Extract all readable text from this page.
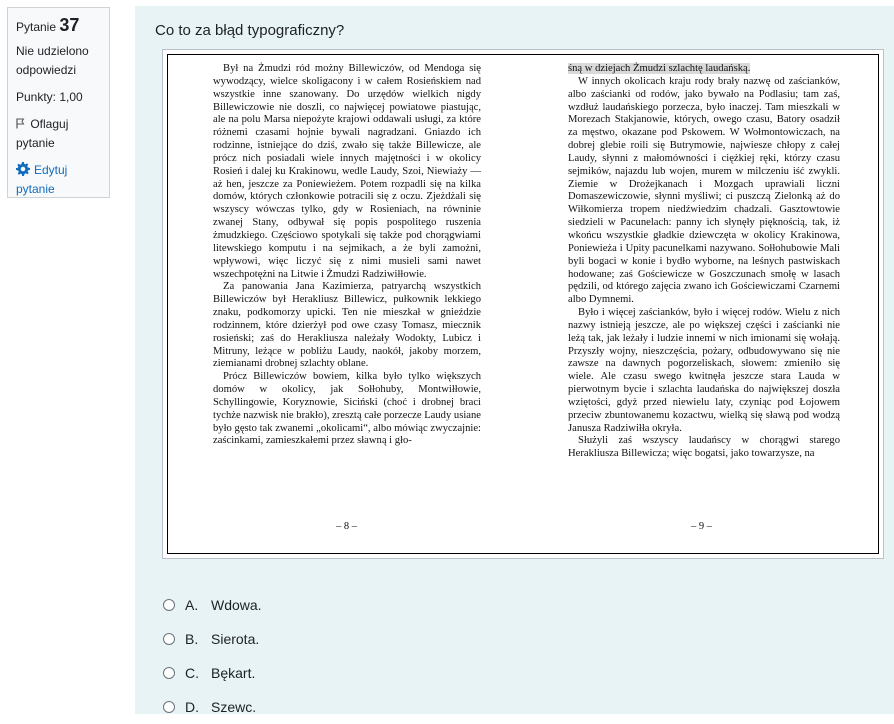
Pytanie 37
Nie udzielono
odpowiedzi
Punkty: 1,00
Oflaguj
pytanie
Edytuj
pytanie
Co to za błąd typograficzny?

Był na Żmudzi ród możny Billewiczów, od Mendoga się wywodzący, wielce skoligacony i w całem Rosieńskiem nad wszystkie inne szanowany. Do urzędów wielkich nigdy Billewiczowie nie doszli, co najwięcej powiatowe piastując, ale na polu Marsa niepożyte krajowi oddawali usługi, za które różnemi czasami hojnie bywali nagradzani. Gniazdo ich rodzinne, istniejące do dziś, zwało się także Billewicze, ale prócz nich posiadali wiele innych majętności i w okolicy Rosień i dalej ku Krakinowu, wedle Laudy, Szoi, Niewiaży — aż hen, jeszcze za Poniewieżem. Potem rozpadli się na kilka domów, których członkowie potracili się z oczu. Zjeżdżali się wszyscy wówczas tylko, gdy w Rosieniach, na równinie zwanej Stany, odbywał się popis pospolitego ruszenia żmudzkiego. Częściowo spotykali się także pod chorągwiami litewskiego komputu i na sejmikach, a że byli zamożni, wpływowi, więc liczyć się z nimi musieli sami nawet wszechpotężni na Litwie i Żmudzi Radziwiłłowie.

Za panowania Jana Kazimierza, patryarchą wszystkich Billewiczów był Herakliusz Billewicz, pułkownik lekkiego znaku, podkomorzy upicki. Ten nie mieszkał w gnieździe rodzinnem, które dzierżył pod owe czasy Tomasz, miecznik rosieński; zaś do Herakliusza należały Wodokty, Lubicz i Mitruny, leżące w pobliżu Laudy, naokół, jakoby morzem, ziemianami drobnej szlachty oblane.

Prócz Billewiczów bowiem, kilka było tylko większych domów w okolicy, jak Sołłohuby, Montwiłłowie, Schyllingowie, Koryznowie, Siciński (choć i drobnej braci tychże nazwisk nie brakło), zresztą całe porzecze Laudy usiane było gęsto tak zwanemi „okolicami“, albo mówiąc zwyczajnie: zaścinkami, zamieszkałemi przez sławną i gło-

śną w dziejach Żmudzi szlachtę laudańską.

W innych okolicach kraju rody brały nazwę od zaścianków, albo zaścianki od rodów, jako bywało na Podlasiu; tam zaś, wzdłuż laudańskiego porzecza, było inaczej. Tam mieszkali w Morezach Stakjanowie, których, owego czasu, Batory osadził za męstwo, okazane pod Pskowem. W Wołmontowiczach, na dobrej glebie roili się Butrymowie, najwiesze chłopy z całej Laudy, słynni z małomówności i ciężkiej ręki, którzy czasu sejmików, najazdu lub wojen, murem w milczeniu iść zwykli. Ziemie w Drożejkanach i Mozgach uprawiali liczni Domaszewiczowie, słynni myśliwi; ci puszczą Zielonką aż do Wiłkomierza tropem niedźwiedzim chadzali. Gasztowtowie siedzieli w Pacunelach: panny ich słynęły pięknością, tak, iż wkońcu wszystkie gładkie dziewczęta w okolicy Krakinowa, Poniewieża i Upity pacunelkami nazywano. Sołłohubowie Mali byli bogaci w konie i bydło wyborne, na leśnych pastwiskach hodowane; zaś Gościewicze w Goszczunach smołę w lasach pędzili, od którego zajęcia zwano ich Gościewiczami Czarnemi albo Dymnemi.

Było i więcej zaścianków, było i więcej rodów. Wielu z nich nazwy istnieją jeszcze, ale po większej części i zaścianki nie leżą tak, jak leżały i ludzie innemi w nich imionami się wołają. Przyszły wojny, nieszczęścia, pożary, odbudowywano się nie zawsze na dawnych pogorzeliskach, słowem: zmieniło się wiele. Ale czasu swego kwitnęła jeszcze stara Lauda w pierwotnym bycie i szlachta laudańska do największej doszła wziętości, gdyż przed niewielu laty, czyniąc pod Łojowem przeciw zbuntowanemu kozactwu, wielką się sławą pod wodzą Janusza Radziwiłła okryła.

Służyli zaś wszyscy laudańscy w chorągwi starego Herakliusza Billewicza; więc bogatsi, jako towarzysze, na

– 8 –	– 9 –
A. Wdowa.
B. Sierota.
C. Bękart.
D. Szewc.
